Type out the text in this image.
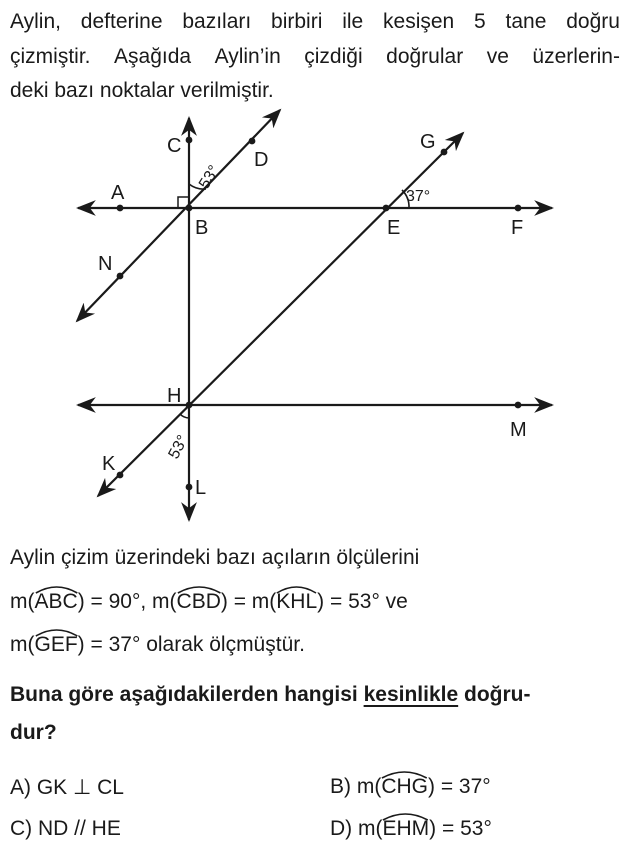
Aylin, defterine bazıları birbiri ile kesişen 5 tane doğru
çizmiştir. Aşağıda Aylin’in çizdiği doğrular ve üzerlerin-
deki bazı noktalar verilmiştir.
A
B
C
D
E	F
G
H
K
L
M
N
53°
37°
53°
Aylin çizim üzerindeki bazı açıların ölçülerini
m(ABC
) = 90°, m(CBD
) = m(KHL
) = 53° ve
m(GEF
) = 37° olarak ölçmüştür.
Buna göre aşağıdakilerden hangisi kesinlikle doğru-
dur?
A) GK ⊥ CL	B) m(CHG
) = 37°
C) ND // HE	D) m(EHM
) = 53°
